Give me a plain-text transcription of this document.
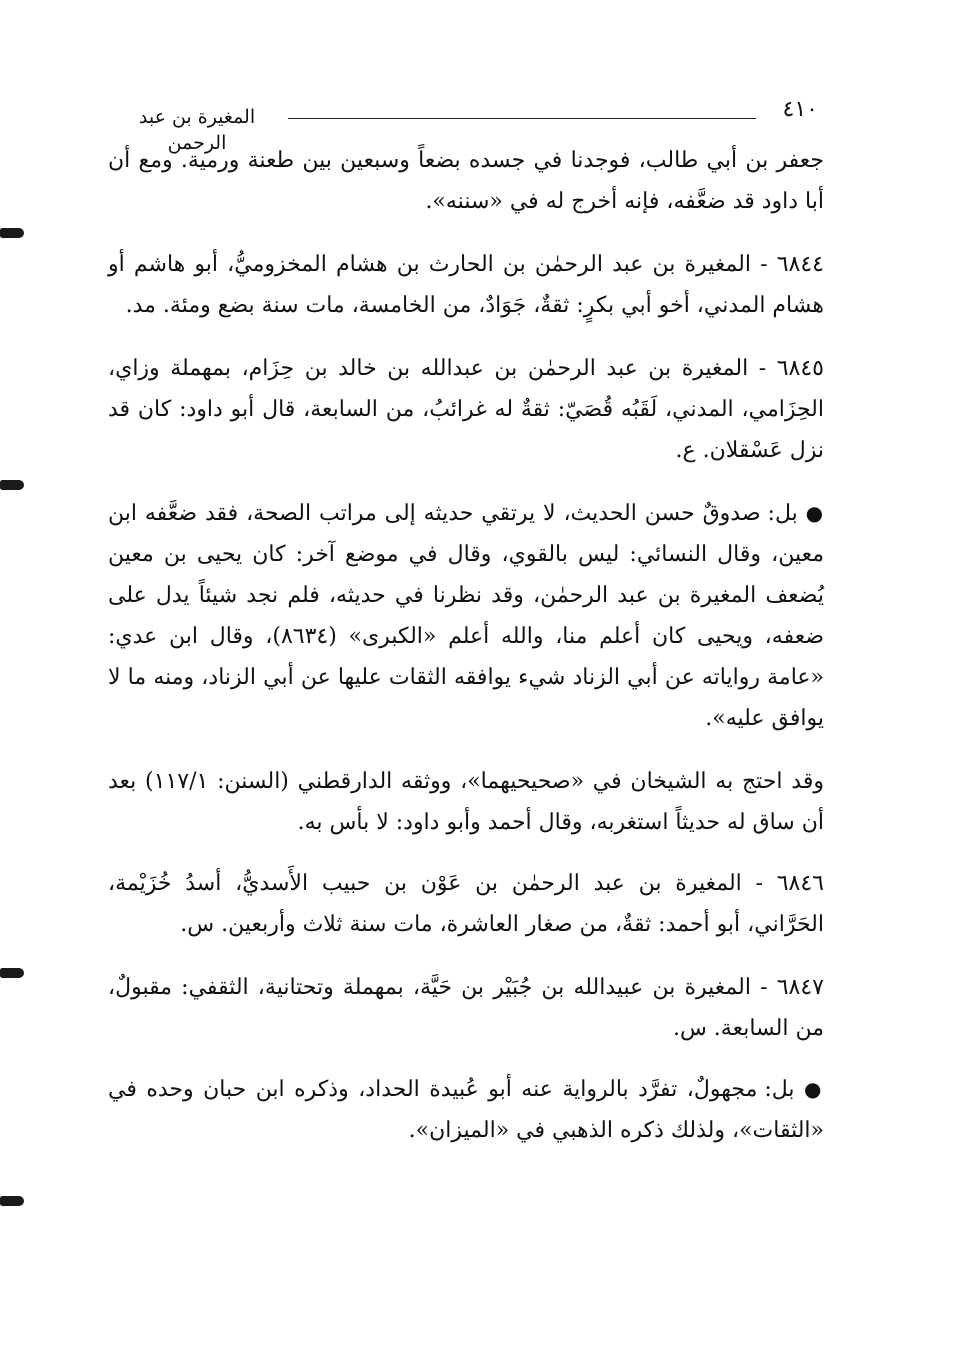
٤١٠
المغيرة بن عبد الرحمن

جعفر بن أبي طالب، فوجدنا في جسده بضعاً وسبعين بين طعنة ورمية. ومع أن أبا داود قد ضعَّفه، فإنه أخرج له في «سننه».

٦٨٤٤ - المغيرة بن عبد الرحمٰن بن الحارث بن هشام المخزوميُّ، أبو هاشم أو هشام المدني، أخو أبي بكرٍ: ثقةٌ، جَوَادٌ، من الخامسة، مات سنة بضع ومئة. مد.

٦٨٤٥ - المغيرة بن عبد الرحمٰن بن عبدالله بن خالد بن حِزَام، بمهملة وزاي، الحِزَامي، المدني، لَقَبُه قُصَيّ: ثقةٌ له غرائبُ، من السابعة، قال أبو داود: كان قد نزل عَسْقلان. ع.

● بل: صدوقٌ حسن الحديث، لا يرتقي حديثه إلى مراتب الصحة، فقد ضعَّفه ابن معين، وقال النسائي: ليس بالقوي، وقال في موضع آخر: كان يحيى بن معين يُضعف المغيرة بن عبد الرحمٰن، وقد نظرنا في حديثه، فلم نجد شيئاً يدل على ضعفه، ويحيى كان أعلم منا، والله أعلم «الكبرى» (٨٦٣٤)، وقال ابن عدي: «عامة رواياته عن أبي الزناد شيء يوافقه الثقات عليها عن أبي الزناد، ومنه ما لا يوافق عليه».

وقد احتج به الشيخان في «صحيحيهما»، ووثقه الدارقطني (السنن: ١١٧/١) بعد أن ساق له حديثاً استغربه، وقال أحمد وأبو داود: لا بأس به.

٦٨٤٦ - المغيرة بن عبد الرحمٰن بن عَوْن بن حبيب الأَسديُّ، أسدُ خُزَيْمة، الحَرَّاني، أبو أحمد: ثقةٌ، من صغار العاشرة، مات سنة ثلاث وأربعين. س.

٦٨٤٧ - المغيرة بن عبيدالله بن جُبَيْر بن حَيَّة، بمهملة وتحتانية، الثقفي: مقبولٌ، من السابعة. س.

● بل: مجهولٌ، تفرَّد بالرواية عنه أبو عُبيدة الحداد، وذكره ابن حبان وحده في «الثقات»، ولذلك ذكره الذهبي في «الميزان».
